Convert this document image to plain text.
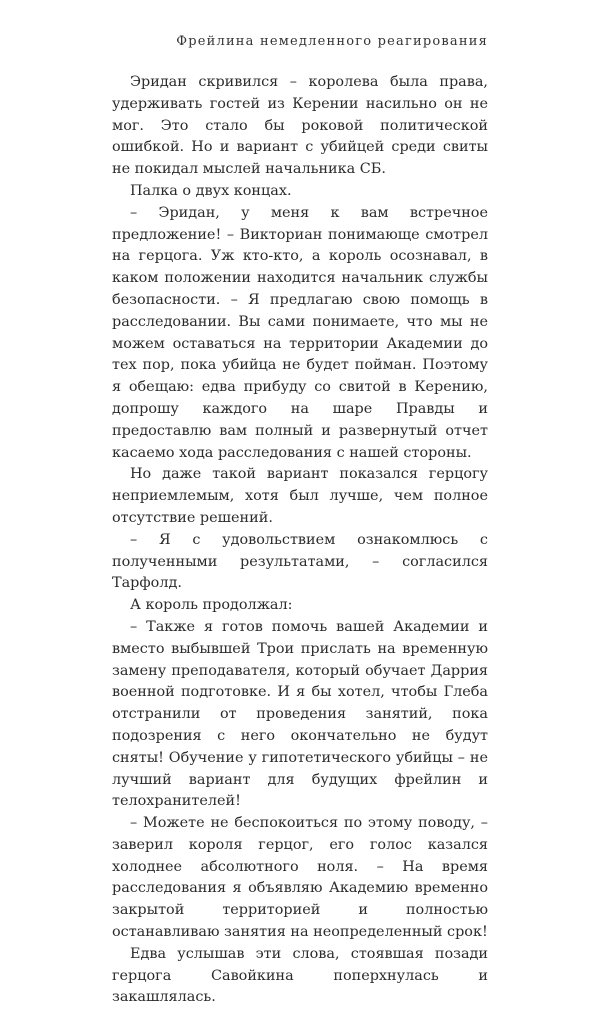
Фрейлина немедленного реагирования

Эридан скривился – королева была права, удерживать гостей из Керении насильно он не мог. Это стало бы роковой политической ошибкой. Но и вариант с убийцей среди свиты не покидал мыслей начальника СБ.

Палка о двух концах.

– Эридан, у меня к вам встречное предложение! – Викториан понимающе смотрел на герцога. Уж кто-кто, а король осознавал, в каком положении находится начальник службы безопасности. – Я предлагаю свою помощь в расследовании. Вы сами понимаете, что мы не можем оставаться на территории Академии до тех пор, пока убийца не будет пойман. Поэтому я обещаю: едва прибуду со свитой в Керению, допрошу каждого на шаре Правды и предоставлю вам полный и развернутый отчет касаемо хода расследования с нашей стороны.

Но даже такой вариант показался герцогу неприемлемым, хотя был лучше, чем полное отсутствие решений.

– Я с удовольствием ознакомлюсь с полученными результатами, – согласился Тарфолд.

А король продолжал:

– Также я готов помочь вашей Академии и вместо выбывшей Трои прислать на временную замену преподавателя, который обучает Даррия военной подготовке. И я бы хотел, чтобы Глеба отстранили от проведения занятий, пока подозрения с него окончательно не будут сняты! Обучение у гипотетического убийцы – не лучший вариант для будущих фрейлин и телохранителей!

– Можете не беспокоиться по этому поводу, – заверил короля герцог, его голос казался холоднее абсолютного ноля. – На время расследования я объявляю Академию временно закрытой территорией и полностью останавливаю занятия на неопределенный срок!

Едва услышав эти слова, стоявшая позади герцога Савойкина поперхнулась и закашлялась.
